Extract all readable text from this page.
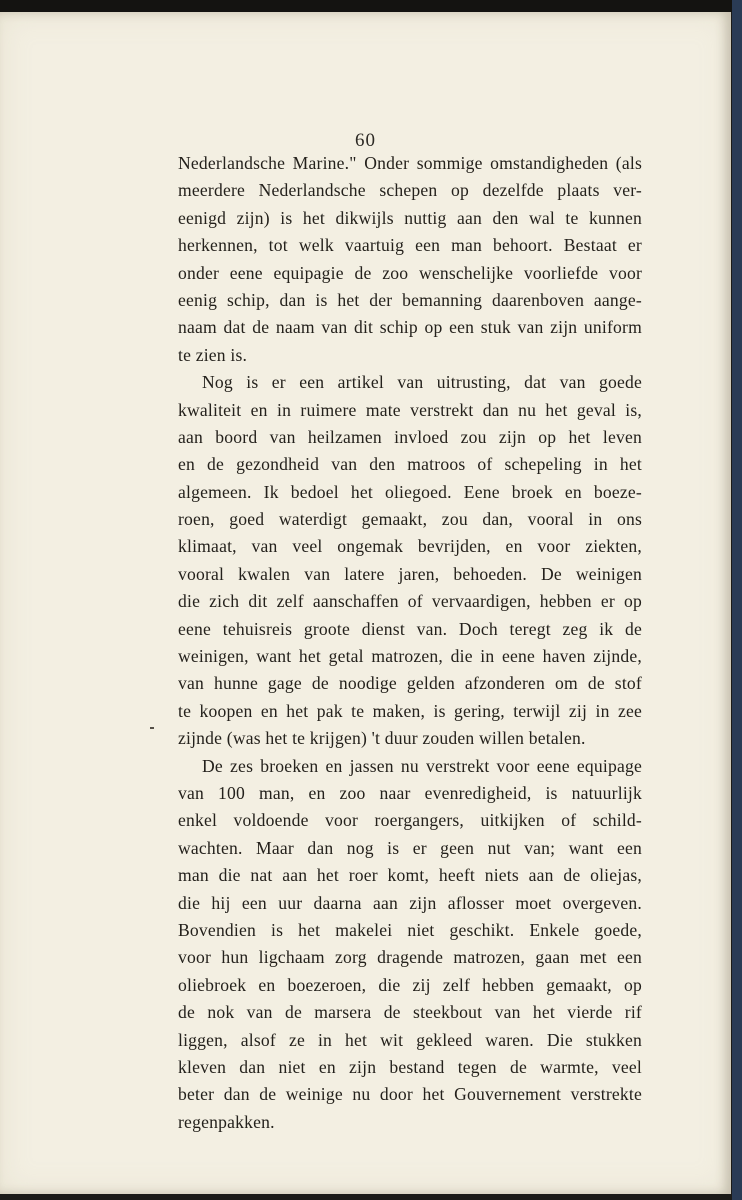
60
Nederlandsche Marine." Onder sommige omstandigheden (als
meerdere Nederlandsche schepen op dezelfde plaats ver-
eenigd zijn) is het dikwijls nuttig aan den wal te kunnen
herkennen, tot welk vaartuig een man behoort. Bestaat er
onder eene equipagie de zoo wenschelijke voorliefde voor
eenig schip, dan is het der bemanning daarenboven aange-
naam dat de naam van dit schip op een stuk van zijn uniform
te zien is.
Nog is er een artikel van uitrusting, dat van goede
kwaliteit en in ruimere mate verstrekt dan nu het geval is,
aan boord van heilzamen invloed zou zijn op het leven
en de gezondheid van den matroos of schepeling in het
algemeen. Ik bedoel het oliegoed. Eene broek en boeze-
roen, goed waterdigt gemaakt, zou dan, vooral in ons
klimaat, van veel ongemak bevrijden, en voor ziekten,
vooral kwalen van latere jaren, behoeden. De weinigen
die zich dit zelf aanschaffen of vervaardigen, hebben er op
eene tehuisreis groote dienst van. Doch teregt zeg ik de
weinigen, want het getal matrozen, die in eene haven zijnde,
van hunne gage de noodige gelden afzonderen om de stof
te koopen en het pak te maken, is gering, terwijl zij in zee
zijnde (was het te krijgen) 't duur zouden willen betalen.
De zes broeken en jassen nu verstrekt voor eene equipage
van 100 man, en zoo naar evenredigheid, is natuurlijk
enkel voldoende voor roergangers, uitkijken of schild-
wachten. Maar dan nog is er geen nut van; want een
man die nat aan het roer komt, heeft niets aan de oliejas,
die hij een uur daarna aan zijn aflosser moet overgeven.
Bovendien is het makelei niet geschikt. Enkele goede,
voor hun ligchaam zorg dragende matrozen, gaan met een
oliebroek en boezeroen, die zij zelf hebben gemaakt, op
de nok van de marsera de steekbout van het vierde rif
liggen, alsof ze in het wit gekleed waren. Die stukken
kleven dan niet en zijn bestand tegen de warmte, veel
beter dan de weinige nu door het Gouvernement verstrekte
regenpakken.
